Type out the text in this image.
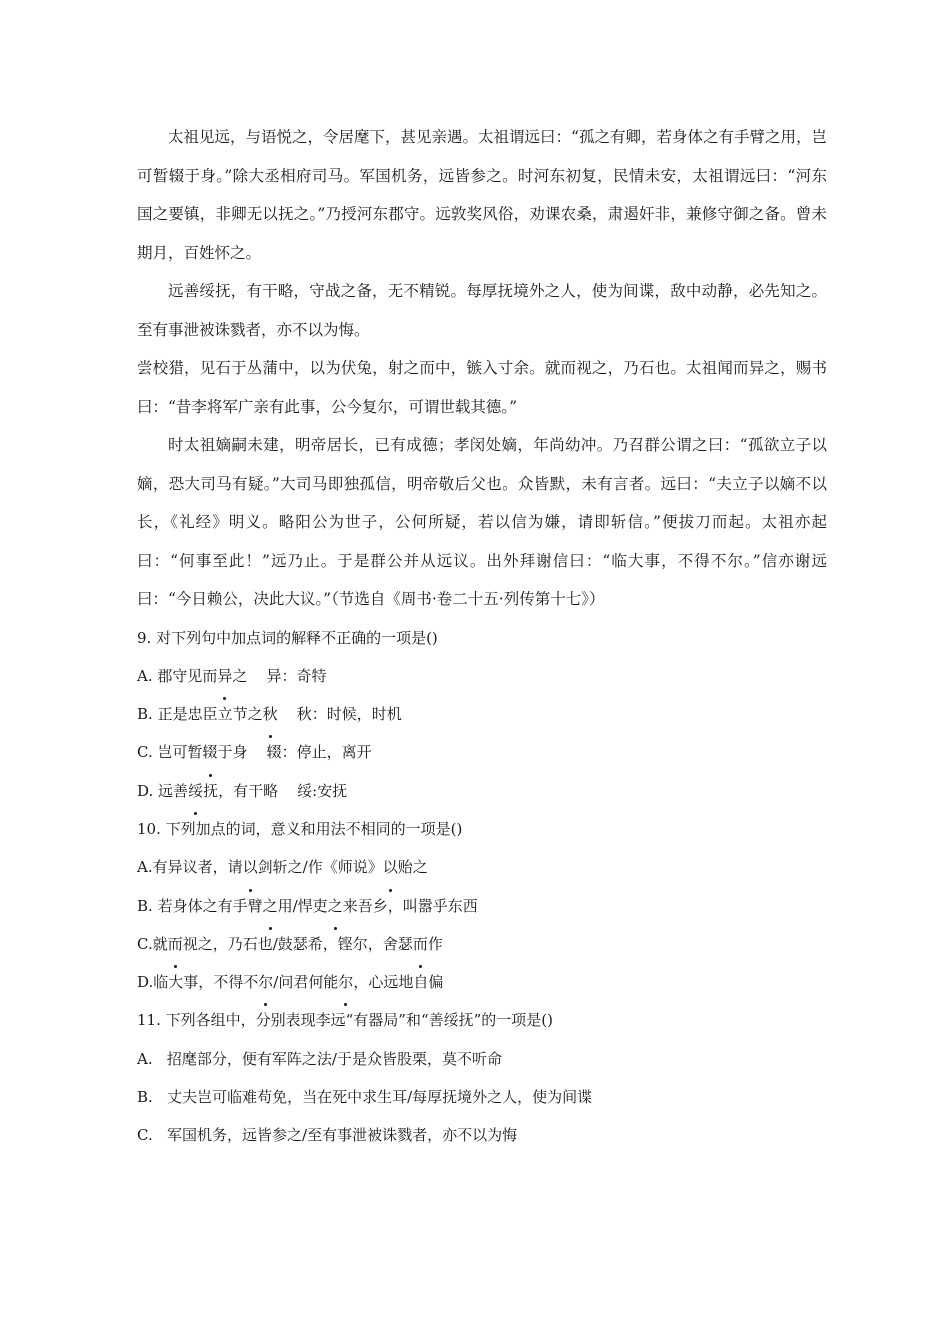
太祖见远，与语悦之，令居麾下，甚见亲遇。太祖谓远曰：“孤之有卿，若身体之有手臂之用，岂可暂辍于身。”除大丞相府司马。军国机务，远皆参之。时河东初复，民情未安，太祖谓远曰：“河东国之要镇，非卿无以抚之。”乃授河东郡守。远敦奖风俗，劝课农桑，肃遏奸非，兼修守御之备。曾未期月，百姓怀之。

远善绥抚，有干略，守战之备，无不精锐。每厚抚境外之人，使为间谍，敌中动静，必先知之。至有事泄被诛戮者，亦不以为悔。

尝校猎，见石于丛蒲中，以为伏兔，射之而中，镞入寸余。就而视之，乃石也。太祖闻而异之，赐书曰：“昔李将军广亲有此事，公今复尔，可谓世载其德。”

时太祖嫡嗣未建，明帝居长，已有成德；孝闵处嫡，年尚幼冲。乃召群公谓之曰：“孤欲立子以嫡，恐大司马有疑。”大司马即独孤信，明帝敬后父也。众皆默，未有言者。远曰：“夫立子以嫡不以长，《礼经》明义。略阳公为世子，公何所疑，若以信为嫌，请即斩信。”便拔刀而起。太祖亦起曰：“何事至此！”远乃止。于是群公并从远议。出外拜谢信曰：“临大事，不得不尔。”信亦谢远曰：“今日赖公，决此大议。”（节选自《周书·卷二十五·列传第十七》）

9. 对下列句中加点词的解释不正确的一项是()

A. 郡守见而异之 异：奇特

B. 正是忠臣立节之秋 秋：时候，时机

C. 岂可暂辍于身 辍：停止，离开

D. 远善绥抚，有干略 绥:安抚

10. 下列加点的词，意义和用法不相同的一项是()

A.有异议者，请以剑斩之/作《师说》以贻之

B. 若身体之有手臂之用/悍吏之来吾乡，叫嚣乎东西

C.就而视之，乃石也/鼓瑟希，铿尔，舍瑟而作

D.临大事，不得不尔/问君何能尔，心远地自偏

11. 下列各组中，分别表现李远“有器局”和“善绥抚”的一项是()

A. 招麾部分，便有军阵之法/于是众皆股栗，莫不听命

B. 丈夫岂可临难苟免，当在死中求生耳/每厚抚境外之人，使为间谍

C. 军国机务，远皆参之/至有事泄被诛戮者，亦不以为悔
